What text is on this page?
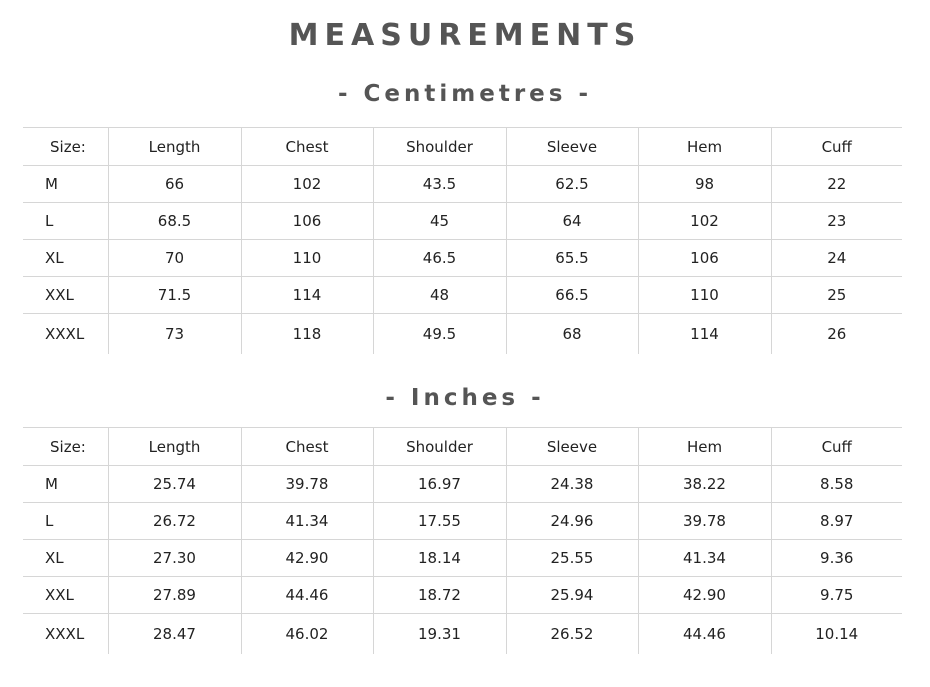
MEASUREMENTS
- Centimetres -
Size:	Length	Chest	Shoulder	Sleeve	Hem	Cuff
M	66	102	43.5	62.5	98	22
L	68.5	106	45	64	102	23
XL	70	110	46.5	65.5	106	24
XXL	71.5	114	48	66.5	110	25
XXXL	73	118	49.5	68	114	26
- Inches -
Size:	Length	Chest	Shoulder	Sleeve	Hem	Cuff
M	25.74	39.78	16.97	24.38	38.22	8.58
L	26.72	41.34	17.55	24.96	39.78	8.97
XL	27.30	42.90	18.14	25.55	41.34	9.36
XXL	27.89	44.46	18.72	25.94	42.90	9.75
XXXL	28.47	46.02	19.31	26.52	44.46	10.14
